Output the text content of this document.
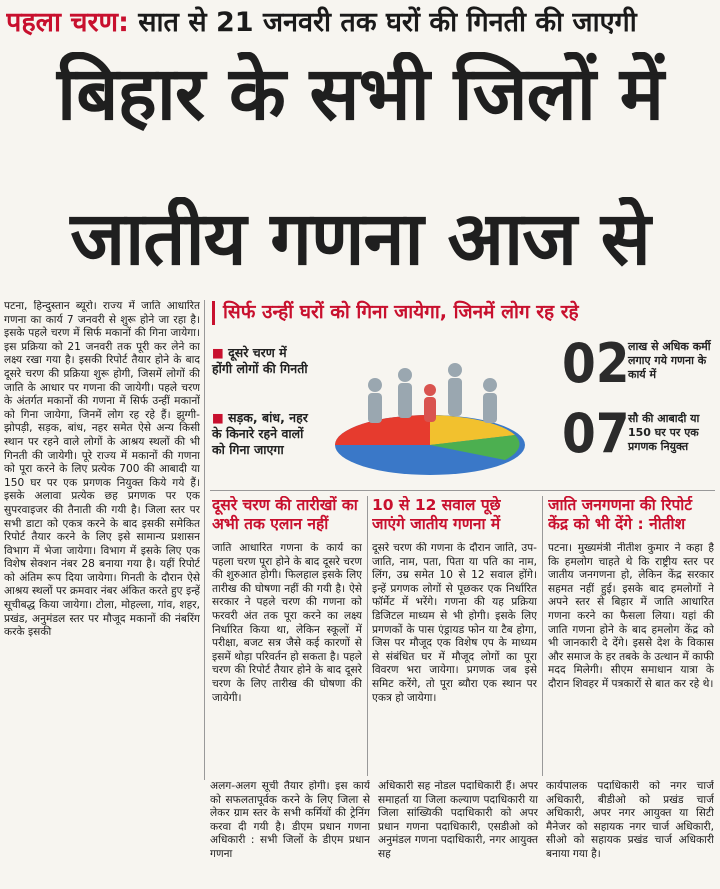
पहला चरण: सात से 21 जनवरी तक घरों की गिनती की जाएगी
बिहार के सभी जिलों में
जातीय गणना आज से
पटना, हिन्दुस्तान ब्यूरो। राज्य में जाति आधारित गणना का कार्य 7 जनवरी से शुरू होने जा रहा है। इसके पहले चरण में सिर्फ मकानों की गिना जायेगा। इस प्रक्रिया को 21 जनवरी तक पूरी कर लेने का लक्ष्य रखा गया है। इसकी रिपोर्ट तैयार होने के बाद दूसरे चरण की प्रक्रिया शुरू होगी, जिसमें लोगों की जाति के आधार पर गणना की जायेगी। पहले चरण के अंतर्गत मकानों की गणना में सिर्फ उन्हीं मकानों को गिना जायेगा, जिनमें लोग रह रहे हैं। झुग्गी-झोपड़ी, सड़क, बांध, नहर समेत ऐसे अन्य किसी स्थान पर रहने वाले लोगों के आश्रय स्थलों की भी गिनती की जायेगी। पूरे राज्य में मकानों की गणना को पूरा करने के लिए प्रत्येक 700 की आबादी या 150 घर पर एक प्रगणक नियुक्त किये गये हैं। इसके अलावा प्रत्येक छह प्रगणक पर एक सुपरवाइजर की तैनाती की गयी है। जिला स्तर पर सभी डाटा को एकत्र करने के बाद इसकी समेकित रिपोर्ट तैयार करने के लिए इसे सामान्य प्रशासन विभाग में भेजा जायेगा। विभाग में इसके लिए एक विशेष सेक्शन नंबर 28 बनाया गया है। यहीं रिपोर्ट को अंतिम रूप दिया जायेगा। गिनती के दौरान ऐसे आश्रय स्थलों पर क्रमवार नंबर अंकित करते हुए इन्हें सूचीबद्ध किया जायेगा। टोला, मोहल्ला, गांव, शहर, प्रखंड, अनुमंडल स्तर पर मौजूद मकानों की नंबरिंग करके इसकी
सिर्फ उन्हीं घरों को गिना जायेगा, जिनमें लोग रह रहे
■ दूसरे चरण में होंगी लोगों की गिनती
■ सड़क, बांध, नहर के किनारे रहने वालों को गिना जाएगा
02
लाख से अधिक कर्मी लगाए गये गणना के कार्य में
07
सौ की आबादी या 150 घर पर एक प्रगणक नियुक्त
दूसरे चरण की तारीखों का अभी तक एलान नहीं
जाति आधारित गणना के कार्य का पहला चरण पूरा होने के बाद दूसरे चरण की शुरुआत होगी। फिलहाल इसके लिए तारीख की घोषणा नहीं की गयी है। ऐसे सरकार ने पहले चरण की गणना को फरवरी अंत तक पूरा करने का लक्ष्य निर्धारित किया था, लेकिन स्कूलों में परीक्षा, बजट सत्र जैसे कई कारणों से इसमें थोड़ा परिवर्तन हो सकता है। पहले चरण की रिपोर्ट तैयार होने के बाद दूसरे चरण के लिए तारीख की घोषणा की जायेगी।
10 से 12 सवाल पूछे जाएंगे जातीय गणना में
दूसरे चरण की गणना के दौरान जाति, उप-जाति, नाम, पता, पिता या पति का नाम, लिंग, उम्र समेत 10 से 12 सवाल होंगे। इन्हें प्रगणक लोगों से पूछकर एक निर्धारित फॉर्मेट में भरेंगे। गणना की यह प्रक्रिया डिजिटल माध्यम से भी होगी। इसके लिए प्रगणकों के पास एंड्रायड फोन या टैब होगा, जिस पर मौजूद एक विशेष एप के माध्यम से संबंधित घर में मौजूद लोगों का पूरा विवरण भरा जायेगा। प्रगणक जब इसे समिट करेंगे, तो पूरा ब्यौरा एक स्थान पर एकत्र हो जायेगा।
जाति जनगणना की रिपोर्ट केंद्र को भी देंगे : नीतीश
पटना। मुख्यमंत्री नीतीश कुमार ने कहा है कि हमलोग चाहते थे कि राष्ट्रीय स्तर पर जातीय जनगणना हो, लेकिन केंद्र सरकार सहमत नहीं हुई। इसके बाद हमलोगों ने अपने स्तर से बिहार में जाति आधारित गणना करने का फैसला लिया। यहां की जाति गणना होने के बाद हमलोग केंद्र को भी जानकारी दे देंगे। इससे देश के विकास और समाज के हर तबके के उत्थान में काफी मदद मिलेगी। सीएम समाधान यात्रा के दौरान शिवहर में पत्रकारों से बात कर रहे थे।
अलग-अलग सूची तैयार होगी। इस कार्य को सफलतापूर्वक करने के लिए जिला से लेकर ग्राम स्तर के सभी कर्मियों की ट्रेनिंग करवा दी गयी है। डीएम प्रधान गणना अधिकारी : सभी जिलों के डीएम प्रधान गणना
अधिकारी सह नोडल पदाधिकारी हैं। अपर समाहर्ता या जिला कल्याण पदाधिकारी या जिला सांख्यिकी पदाधिकारी को अपर प्रधान गणना पदाधिकारी, एसडीओ को अनुमंडल गणना पदाधिकारी, नगर आयुक्त सह
कार्यपालक पदाधिकारी को नगर चार्ज अधिकारी, बीडीओ को प्रखंड चार्ज अधिकारी, अपर नगर आयुक्त या सिटी मैनेजर को सहायक नगर चार्ज अधिकारी, सीओ को सहायक प्रखंड चार्ज अधिकारी बनाया गया है।
